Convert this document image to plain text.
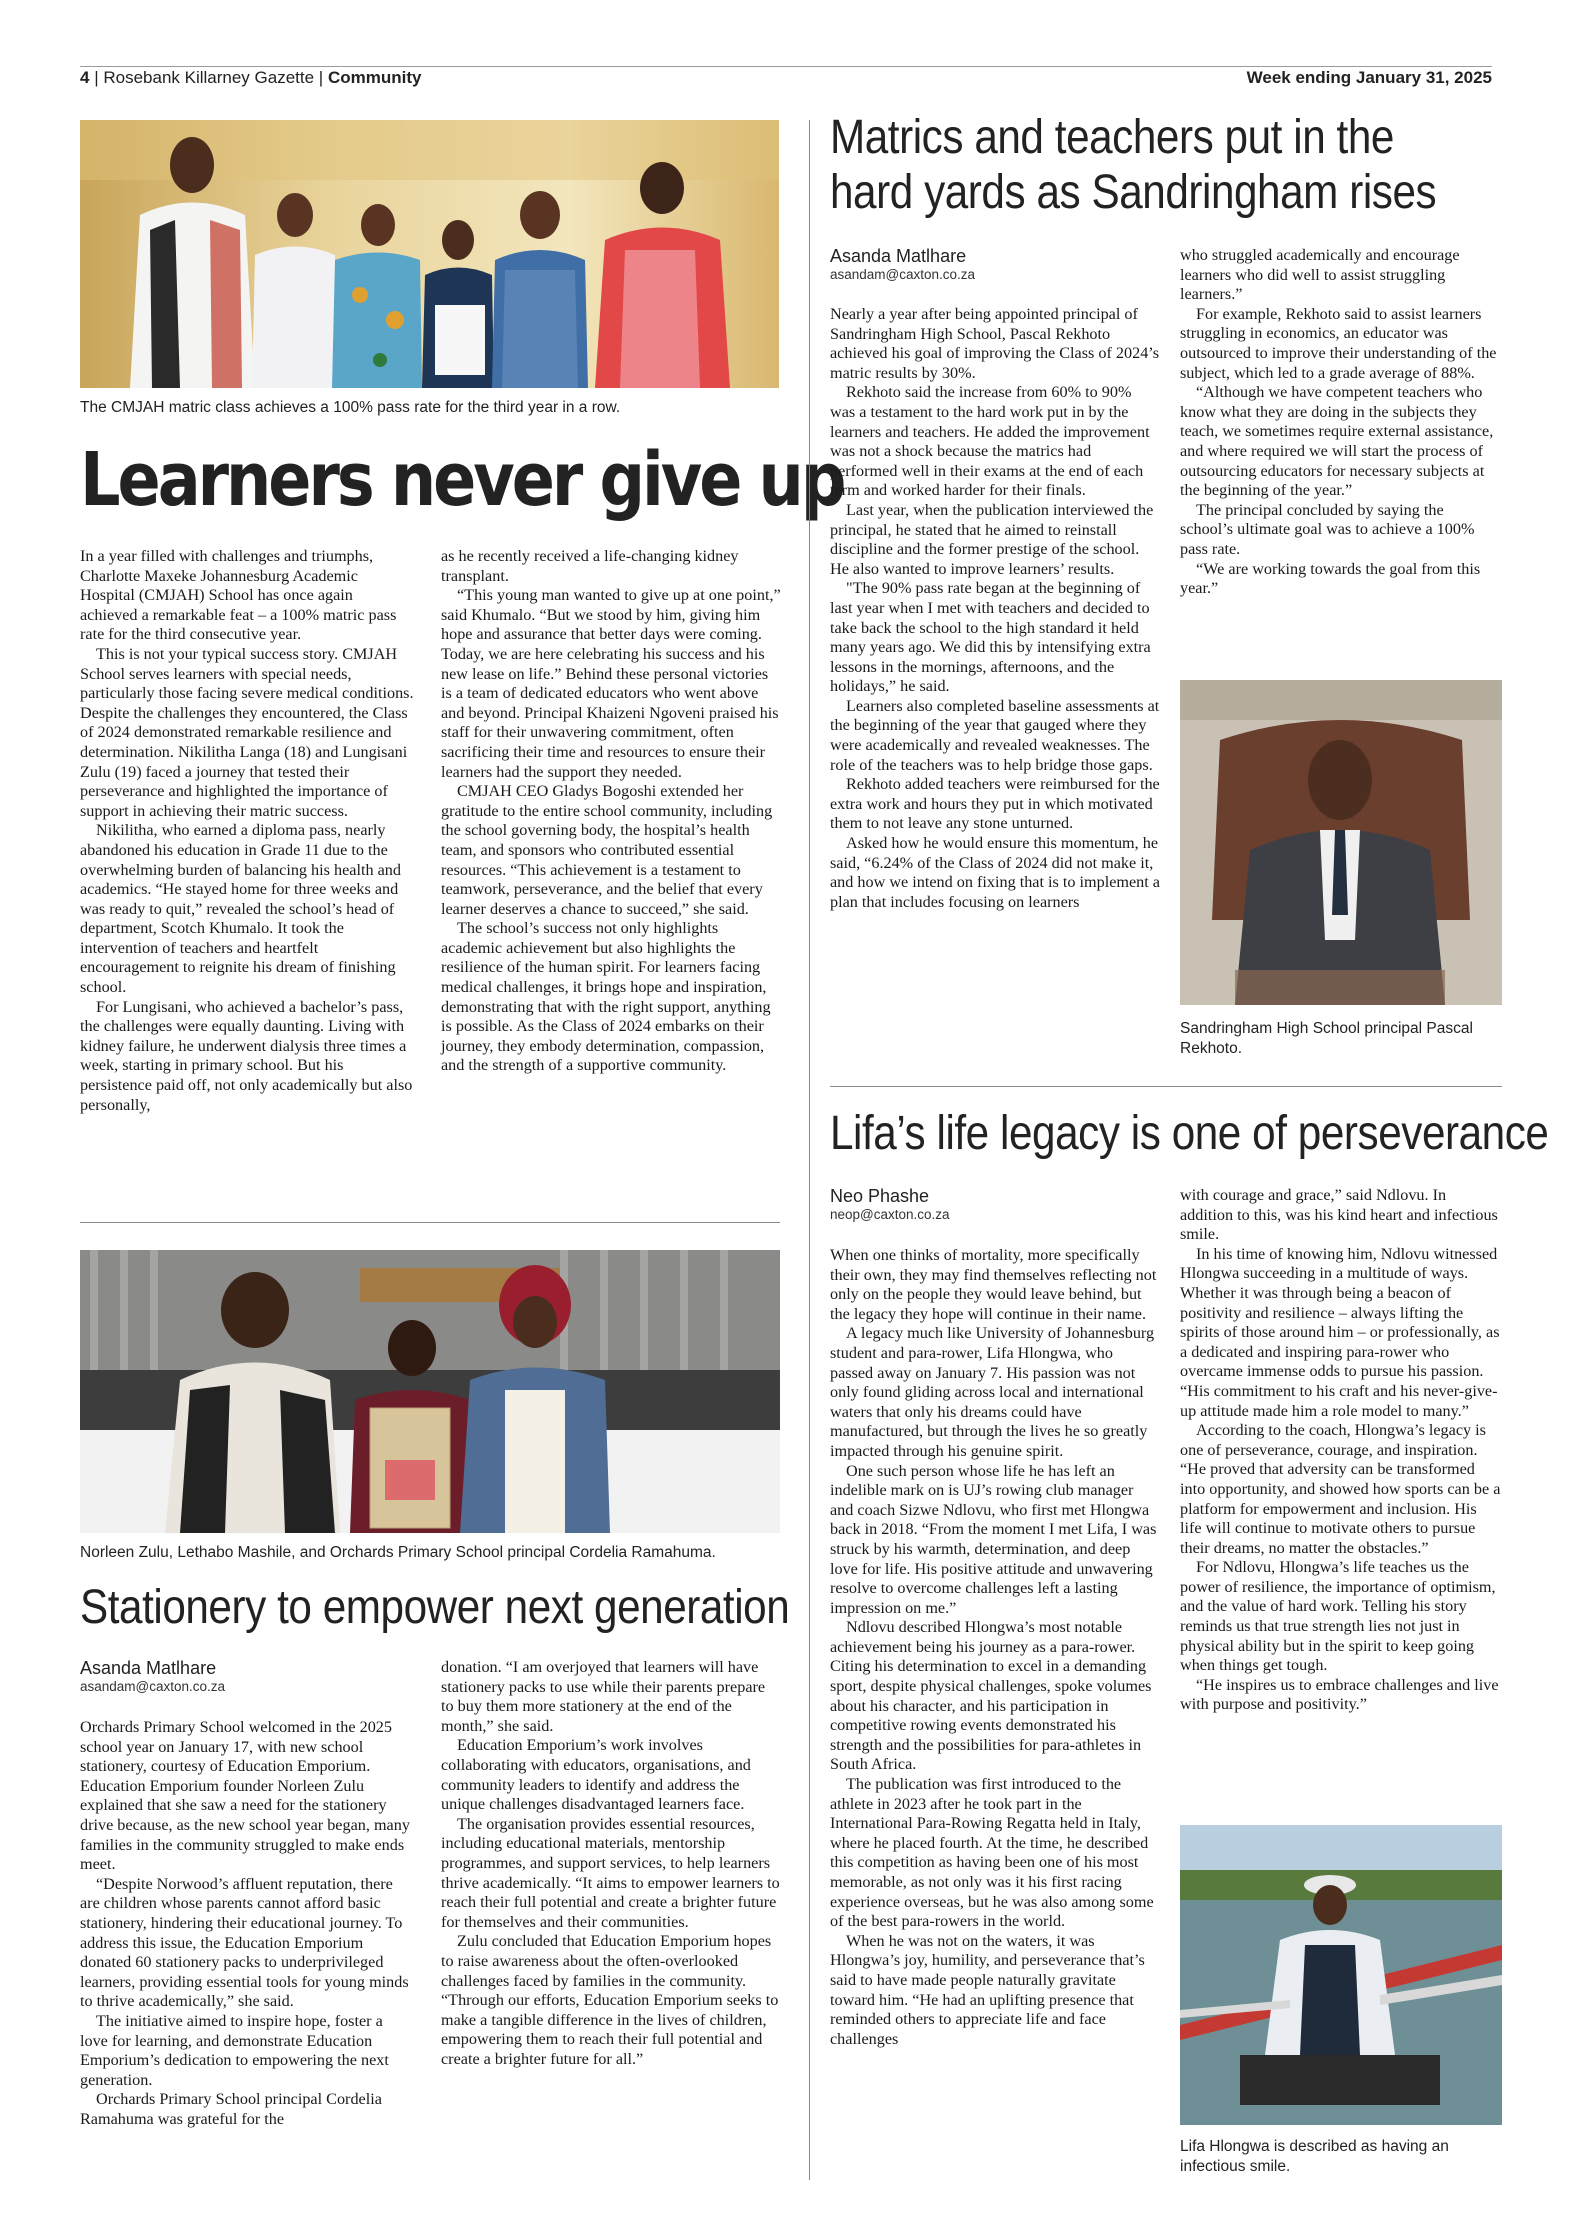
4 | Rosebank Killarney Gazette | Community	Week ending January 31, 2025
The CMJAH matric class achieves a 100% pass rate for the third year in a row.
Learners never give up

In a year filled with challenges and triumphs, Charlotte Maxeke Johannesburg Academic Hospital (CMJAH) School has once again achieved a remarkable feat – a 100% matric pass rate for the third consecutive year.

This is not your typical success story. CMJAH School serves learners with special needs, particularly those facing severe medical conditions. Despite the challenges they encountered, the Class of 2024 demonstrated remarkable resilience and determination. Nikilitha Langa (18) and Lungisani Zulu (19) faced a journey that tested their perseverance and highlighted the importance of support in achieving their matric success.

Nikilitha, who earned a diploma pass, nearly abandoned his education in Grade 11 due to the overwhelming burden of balancing his health and academics. “He stayed home for three weeks and was ready to quit,” revealed the school’s head of department, Scotch Khumalo. It took the intervention of teachers and heartfelt encouragement to reignite his dream of finishing school.

For Lungisani, who achieved a bachelor’s pass, the challenges were equally daunting. Living with kidney failure, he underwent dialysis three times a week, starting in primary school. But his persistence paid off, not only academically but also personally,

as he recently received a life-changing kidney transplant.

“This young man wanted to give up at one point,” said Khumalo. “But we stood by him, giving him hope and assurance that better days were coming. Today, we are here celebrating his success and his new lease on life.” Behind these personal victories is a team of dedicated educators who went above and beyond. Principal Khaizeni Ngoveni praised his staff for their unwavering commitment, often sacrificing their time and resources to ensure their learners had the support they needed.

CMJAH CEO Gladys Bogoshi extended her gratitude to the entire school community, including the school governing body, the hospital’s health team, and sponsors who contributed essential resources. “This achievement is a testament to teamwork, perseverance, and the belief that every learner deserves a chance to succeed,” she said.

The school’s success not only highlights academic achievement but also highlights the resilience of the human spirit. For learners facing medical challenges, it brings hope and inspiration, demonstrating that with the right support, anything is possible. As the Class of 2024 embarks on their journey, they embody determination, compassion, and the strength of a supportive community.

Norleen Zulu, Lethabo Mashile, and Orchards Primary School principal Cordelia Ramahuma.
Stationery to empower next generation
Asanda Matlhare
asandam@caxton.co.za

Orchards Primary School welcomed in the 2025 school year on January 17, with new school stationery, courtesy of Education Emporium.

Education Emporium founder Norleen Zulu explained that she saw a need for the stationery drive because, as the new school year began, many families in the community struggled to make ends meet.

“Despite Norwood’s affluent reputation, there are children whose parents cannot afford basic stationery, hindering their educational journey. To address this issue, the Education Emporium donated 60 stationery packs to underprivileged learners, providing essential tools for young minds to thrive academically,” she said.

The initiative aimed to inspire hope, foster a love for learning, and demonstrate Education Emporium’s dedication to empowering the next generation.

Orchards Primary School principal Cordelia Ramahuma was grateful for the

donation. “I am overjoyed that learners will have stationery packs to use while their parents prepare to buy them more stationery at the end of the month,” she said.

Education Emporium’s work involves collaborating with educators, organisations, and community leaders to identify and address the unique challenges disadvantaged learners face.

The organisation provides essential resources, including educational materials, mentorship programmes, and support services, to help learners thrive academically. “It aims to empower learners to reach their full potential and create a brighter future for themselves and their communities.

Zulu concluded that Education Emporium hopes to raise awareness about the often-overlooked challenges faced by families in the community. “Through our efforts, Education Emporium seeks to make a tangible difference in the lives of children, empowering them to reach their full potential and create a brighter future for all.”

Matrics and teachers put in the hard yards as Sandringham rises
Asanda Matlhare
asandam@caxton.co.za

Nearly a year after being appointed principal of Sandringham High School, Pascal Rekhoto achieved his goal of improving the Class of 2024’s matric results by 30%.

Rekhoto said the increase from 60% to 90% was a testament to the hard work put in by the learners and teachers. He added the improvement was not a shock because the matrics had performed well in their exams at the end of each term and worked harder for their finals.

Last year, when the publication interviewed the principal, he stated that he aimed to reinstall discipline and the former prestige of the school. He also wanted to improve learners’ results.

"The 90% pass rate began at the beginning of last year when I met with teachers and decided to take back the school to the high standard it held many years ago. We did this by intensifying extra lessons in the mornings, afternoons, and the holidays,” he said.

Learners also completed baseline assessments at the beginning of the year that gauged where they were academically and revealed weaknesses. The role of the teachers was to help bridge those gaps.

Rekhoto added teachers were reimbursed for the extra work and hours they put in which motivated them to not leave any stone unturned.

Asked how he would ensure this momentum, he said, “6.24% of the Class of 2024 did not make it, and how we intend on fixing that is to implement a plan that includes focusing on learners

who struggled academically and encourage learners who did well to assist struggling learners.”

For example, Rekhoto said to assist learners struggling in economics, an educator was outsourced to improve their understanding of the subject, which led to a grade average of 88%.

“Although we have competent teachers who know what they are doing in the subjects they teach, we sometimes require external assistance, and where required we will start the process of outsourcing educators for necessary subjects at the beginning of the year.”

The principal concluded by saying the school’s ultimate goal was to achieve a 100% pass rate.

“We are working towards the goal from this year.”

Sandringham High School principal Pascal Rekhoto.
Lifa’s life legacy is one of perseverance
Neo Phashe
neop@caxton.co.za

When one thinks of mortality, more specifically their own, they may find themselves reflecting not only on the people they would leave behind, but the legacy they hope will continue in their name.

A legacy much like University of Johannesburg student and para-rower, Lifa Hlongwa, who passed away on January 7. His passion was not only found gliding across local and international waters that only his dreams could have manufactured, but through the lives he so greatly impacted through his genuine spirit.

One such person whose life he has left an indelible mark on is UJ’s rowing club manager and coach Sizwe Ndlovu, who first met Hlongwa back in 2018. “From the moment I met Lifa, I was struck by his warmth, determination, and deep love for life. His positive attitude and unwavering resolve to overcome challenges left a lasting impression on me.”

Ndlovu described Hlongwa’s most notable achievement being his journey as a para-rower. Citing his determination to excel in a demanding sport, despite physical challenges, spoke volumes about his character, and his participation in competitive rowing events demonstrated his strength and the possibilities for para-athletes in South Africa.

The publication was first introduced to the athlete in 2023 after he took part in the International Para-Rowing Regatta held in Italy, where he placed fourth. At the time, he described this competition as having been one of his most memorable, as not only was it his first racing experience overseas, but he was also among some of the best para-rowers in the world.

When he was not on the waters, it was Hlongwa’s joy, humility, and perseverance that’s said to have made people naturally gravitate toward him. “He had an uplifting presence that reminded others to appreciate life and face challenges

with courage and grace,” said Ndlovu. In addition to this, was his kind heart and infectious smile.

In his time of knowing him, Ndlovu witnessed Hlongwa succeeding in a multitude of ways. Whether it was through being a beacon of positivity and resilience – always lifting the spirits of those around him – or professionally, as a dedicated and inspiring para-rower who overcame immense odds to pursue his passion. “His commitment to his craft and his never-give-up attitude made him a role model to many.”

According to the coach, Hlongwa’s legacy is one of perseverance, courage, and inspiration. “He proved that adversity can be transformed into opportunity, and showed how sports can be a platform for empowerment and inclusion. His life will continue to motivate others to pursue their dreams, no matter the obstacles.”

For Ndlovu, Hlongwa’s life teaches us the power of resilience, the importance of optimism, and the value of hard work. Telling his story reminds us that true strength lies not just in physical ability but in the spirit to keep going when things get tough.

“He inspires us to embrace challenges and live with purpose and positivity.”

Lifa Hlongwa is described as having an infectious smile.
